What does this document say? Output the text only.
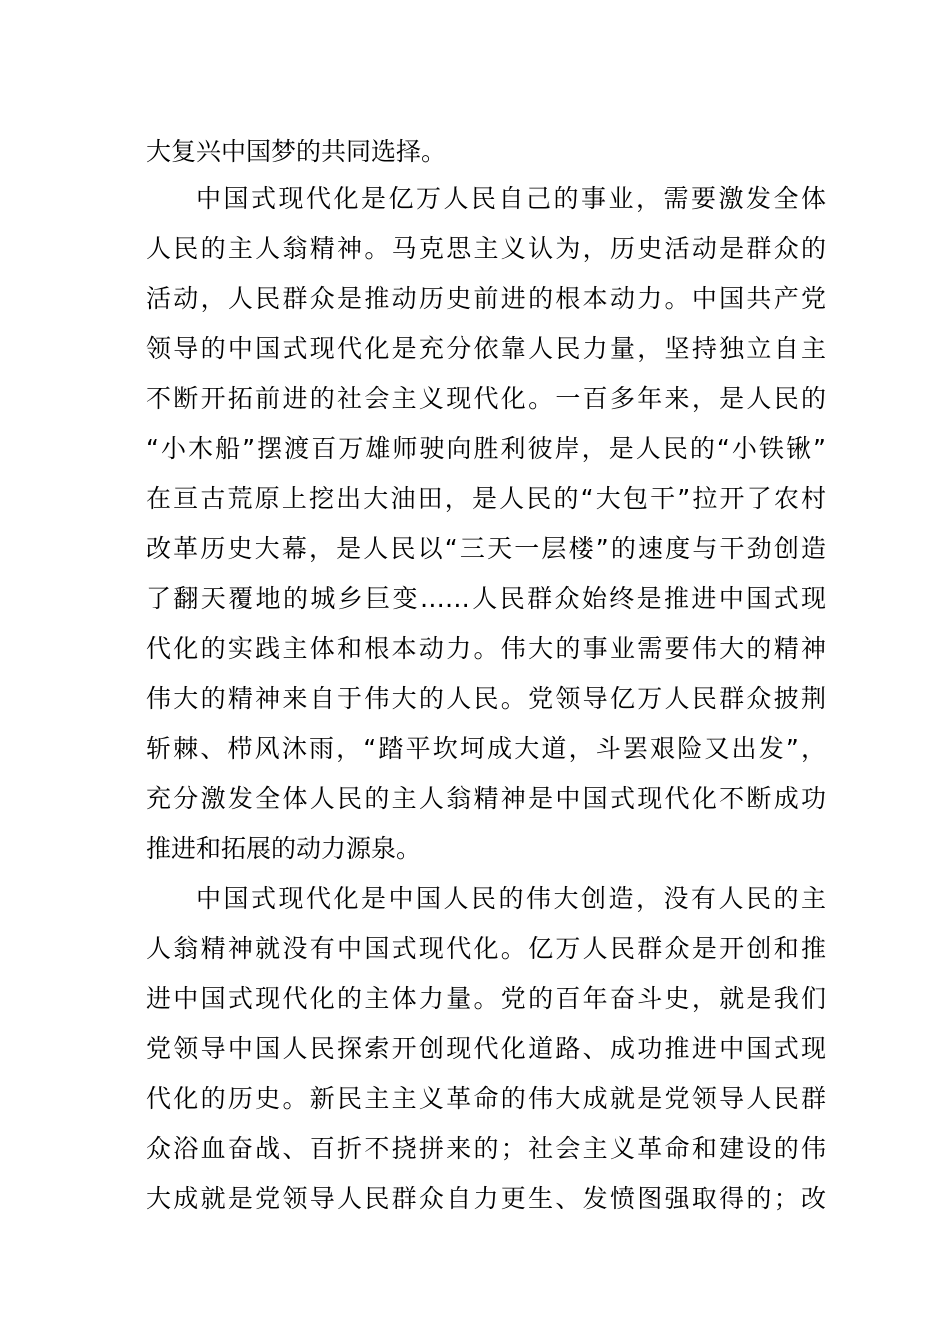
大复兴中国梦的共同选择。
中国式现代化是亿万人民自己的事业，需要激发全体
人民的主人翁精神。马克思主义认为，历史活动是群众的
活动，人民群众是推动历史前进的根本动力。中国共产党
领导的中国式现代化是充分依靠人民力量，坚持独立自主
不断开拓前进的社会主义现代化。一百多年来，是人民的
“小木船”摆渡百万雄师驶向胜利彼岸，是人民的“小铁锹”
在亘古荒原上挖出大油田，是人民的“大包干”拉开了农村
改革历史大幕，是人民以“三天一层楼”的速度与干劲创造
了翻天覆地的城乡巨变……人民群众始终是推进中国式现
代化的实践主体和根本动力。伟大的事业需要伟大的精神
伟大的精神来自于伟大的人民。党领导亿万人民群众披荆
斩棘、栉风沐雨，“踏平坎坷成大道，斗罢艰险又出发”，
充分激发全体人民的主人翁精神是中国式现代化不断成功
推进和拓展的动力源泉。
中国式现代化是中国人民的伟大创造，没有人民的主
人翁精神就没有中国式现代化。亿万人民群众是开创和推
进中国式现代化的主体力量。党的百年奋斗史，就是我们
党领导中国人民探索开创现代化道路、成功推进中国式现
代化的历史。新民主主义革命的伟大成就是党领导人民群
众浴血奋战、百折不挠拼来的；社会主义革命和建设的伟
大成就是党领导人民群众自力更生、发愤图强取得的；改
